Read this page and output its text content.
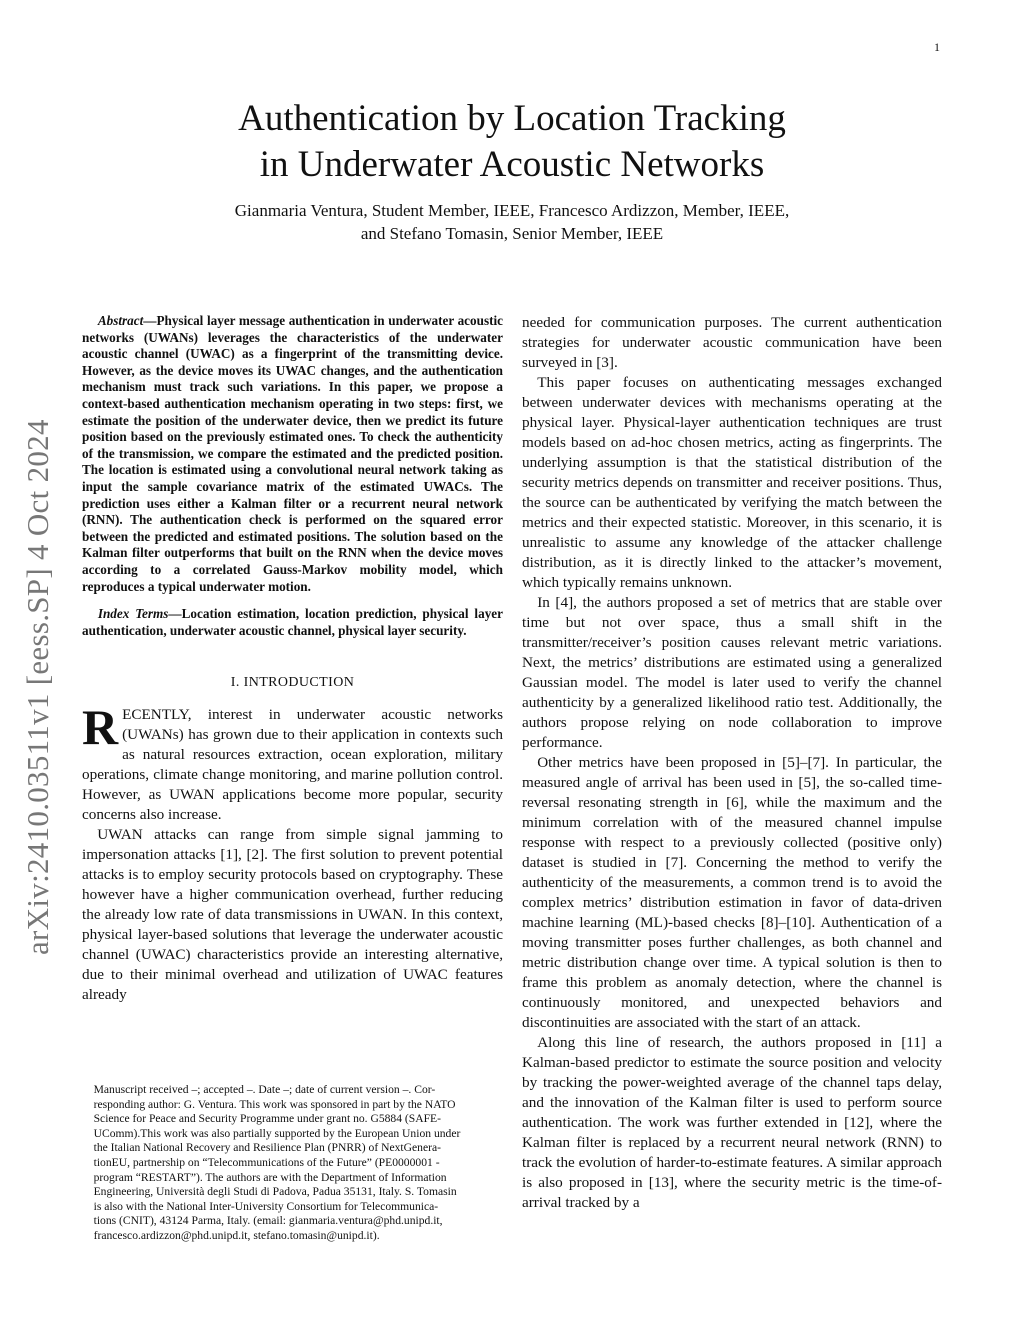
1
arXiv:2410.03511v1 [eess.SP] 4 Oct 2024
Authentication by Location Tracking
in Underwater Acoustic Networks
Gianmaria Ventura, Student Member, IEEE, Francesco Ardizzon, Member, IEEE,
and Stefano Tomasin, Senior Member, IEEE

Abstract—Physical layer message authentication in underwater acoustic networks (UWANs) leverages the characteristics of the underwater acoustic channel (UWAC) as a fingerprint of the transmitting device. However, as the device moves its UWAC changes, and the authentication mechanism must track such variations. In this paper, we propose a context-based authentication mechanism operating in two steps: first, we estimate the position of the underwater device, then we predict its future position based on the previously estimated ones. To check the authenticity of the transmission, we compare the estimated and the predicted position. The location is estimated using a convolutional neural network taking as input the sample covariance matrix of the estimated UWACs. The prediction uses either a Kalman filter or a recurrent neural network (RNN). The authentication check is performed on the squared error between the predicted and estimated positions. The solution based on the Kalman filter outperforms that built on the RNN when the device moves according to a correlated Gauss-Markov mobility model, which reproduces a typical underwater motion.

Index Terms—Location estimation, location prediction, physical layer authentication, underwater acoustic channel, physical layer security.

I. INTRODUCTION

RECENTLY, interest in underwater acoustic networks (UWANs) has grown due to their application in contexts such as natural resources extraction, ocean exploration, military operations, climate change monitoring, and marine pollution control. However, as UWAN applications become more popular, security concerns also increase.

UWAN attacks can range from simple signal jamming to impersonation attacks [1], [2]. The first solution to prevent potential attacks is to employ security protocols based on cryptography. These however have a higher communication overhead, further reducing the already low rate of data transmissions in UWAN. In this context, physical layer-based solutions that leverage the underwater acoustic channel (UWAC) characteristics provide an interesting alternative, due to their minimal overhead and utilization of UWAC features already

Manuscript received –; accepted –. Date –; date of current version –. Cor-
responding author: G. Ventura. This work was sponsored in part by the NATO
Science for Peace and Security Programme under grant no. G5884 (SAFE-
UComm).This work was also partially supported by the European Union under
the Italian National Recovery and Resilience Plan (PNRR) of NextGenera-
tionEU, partnership on “Telecommunications of the Future” (PE0000001 -
program “RESTART”). The authors are with the Department of Information
Engineering, Università degli Studi di Padova, Padua 35131, Italy. S. Tomasin
is also with the National Inter-University Consortium for Telecommunica-
tions (CNIT), 43124 Parma, Italy. (email: gianmaria.ventura@phd.unipd.it,
francesco.ardizzon@phd.unipd.it, stefano.tomasin@unipd.it).

needed for communication purposes. The current authentication strategies for underwater acoustic communication have been surveyed in [3].

This paper focuses on authenticating messages exchanged between underwater devices with mechanisms operating at the physical layer. Physical-layer authentication techniques are trust models based on ad-hoc chosen metrics, acting as fingerprints. The underlying assumption is that the statistical distribution of the security metrics depends on transmitter and receiver positions. Thus, the source can be authenticated by verifying the match between the metrics and their expected statistic. Moreover, in this scenario, it is unrealistic to assume any knowledge of the attacker challenge distribution, as it is directly linked to the attacker’s movement, which typically remains unknown.

In [4], the authors proposed a set of metrics that are stable over time but not over space, thus a small shift in the transmitter/receiver’s position causes relevant metric variations. Next, the metrics’ distributions are estimated using a generalized Gaussian model. The model is later used to verify the channel authenticity by a generalized likelihood ratio test. Additionally, the authors propose relying on node collaboration to improve performance.

Other metrics have been proposed in [5]–[7]. In particular, the measured angle of arrival has been used in [5], the so-called time-reversal resonating strength in [6], while the maximum and the minimum correlation with of the measured channel impulse response with respect to a previously collected (positive only) dataset is studied in [7]. Concerning the method to verify the authenticity of the measurements, a common trend is to avoid the complex metrics’ distribution estimation in favor of data-driven machine learning (ML)-based checks [8]–[10]. Authentication of a moving transmitter poses further challenges, as both channel and metric distribution change over time. A typical solution is then to frame this problem as anomaly detection, where the channel is continuously monitored, and unexpected behaviors and discontinuities are associated with the start of an attack.

Along this line of research, the authors proposed in [11] a Kalman-based predictor to estimate the source position and velocity by tracking the power-weighted average of the channel taps delay, and the innovation of the Kalman filter is used to perform source authentication. The work was further extended in [12], where the Kalman filter is replaced by a recurrent neural network (RNN) to track the evolution of harder-to-estimate features. A similar approach is also proposed in [13], where the security metric is the time-of-arrival tracked by a
